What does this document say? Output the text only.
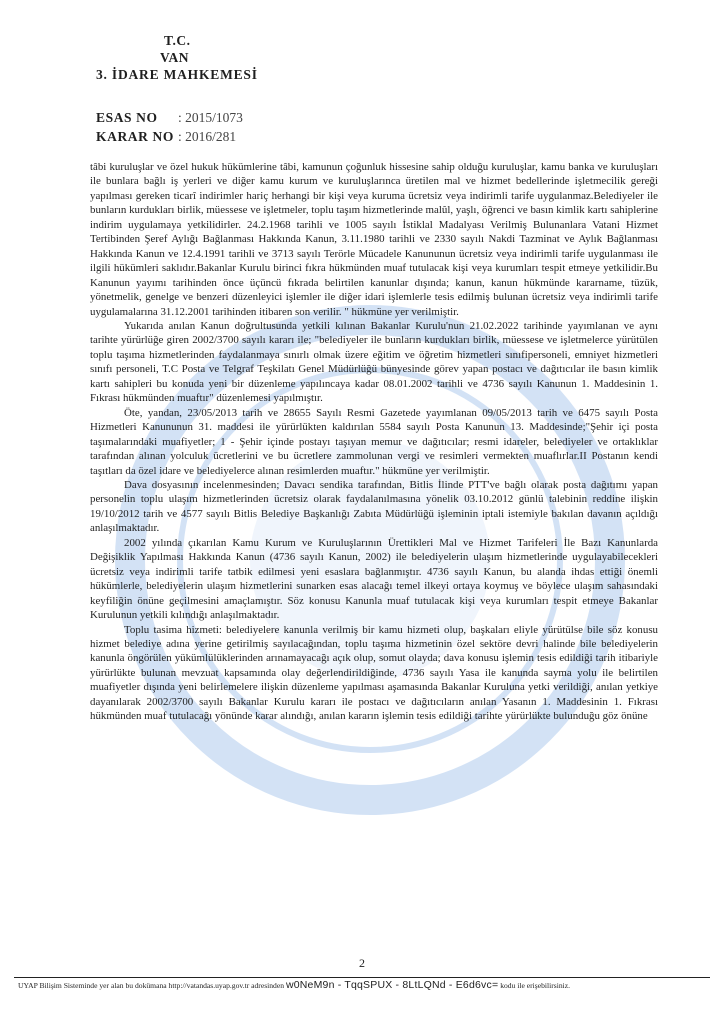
T.C.
VAN
3. İDARE MAHKEMESİ
ESAS NO	: 2015/1073
KARAR NO : 2016/281

tâbi kuruluşlar ve özel hukuk hükümlerine tâbi, kamunun çoğunluk hissesine sahip olduğu kuruluşlar, kamu banka ve kuruluşları ile bunlara bağlı iş yerleri ve diğer kamu kurum ve kuruluşlarınca üretilen mal ve hizmet bedellerinde işletmecilik gereği yapılması gereken ticarî indirimler hariç herhangi bir kişi veya kuruma ücretsiz veya indirimli tarife uygulanmaz.Belediyeler ile bunların kurdukları birlik, müessese ve işletmeler, toplu taşım hizmetlerinde malûl, yaşlı, öğrenci ve basın kimlik kartı sahiplerine indirim uygulamaya yetkilidirler. 24.2.1968 tarihli ve 1005 sayılı İstiklal Madalyası Verilmiş Bulunanlara Vatani Hizmet Tertibinden Şeref Aylığı Bağlanması Hakkında Kanun, 3.11.1980 tarihli ve 2330 sayılı Nakdi Tazminat ve Aylık Bağlanması Hakkında Kanun ve 12.4.1991 tarihli ve 3713 sayılı Terörle Mücadele Kanununun ücretsiz veya indirimli tarife uygulanması ile ilgili hükümleri saklıdır.Bakanlar Kurulu birinci fıkra hükmünden muaf tutulacak kişi veya kurumları tespit etmeye yetkilidir.Bu Kanunun yayımı tarihinden önce üçüncü fıkrada belirtilen kanunlar dışında; kanun, kanun hükmünde kararname, tüzük, yönetmelik, genelge ve benzeri düzenleyici işlemler ile diğer idari işlemlerle tesis edilmiş bulunan ücretsiz veya indirimli tarife uygulamalarına 31.12.2001 tarihinden itibaren son verilir. " hükmüne yer verilmiştir.

Yukarıda anılan Kanun doğrultusunda yetkili kılınan Bakanlar Kurulu'nun 21.02.2022 tarihinde yayımlanan ve aynı tarihte yürürlüğe giren 2002/3700 sayılı kararı ile; "belediyeler ile bunların kurdukları birlik, müessese ve işletmelerce yürütülen toplu taşıma hizmetlerinden faydalanmaya sınırlı olmak üzere eğitim ve öğretim hizmetleri sınıfipersoneli, emniyet hizmetleri sınıfı personeli, T.C Posta ve Telgraf Teşkilatı Genel Müdürlüğü bünyesinde görev yapan postacı ve dağıtıcılar ile basın kimlik kartı sahipleri bu konuda yeni bir düzenleme yapılıncaya kadar 08.01.2002 tarihli ve 4736 sayılı Kanunun 1. Maddesinin 1. Fıkrası hükmünden muaftır" düzenlemesi yapılmıştır.

Öte, yandan, 23/05/2013 tarih ve 28655 Sayılı Resmi Gazetede yayımlanan 09/05/2013 tarih ve 6475 sayılı Posta Hizmetleri Kanununun 31. maddesi ile yürürlükten kaldırılan 5584 sayılı Posta Kanunun 13. Maddesinde;"Şehir içi posta taşımalarındaki muafiyetler; 1 - Şehir içinde postayı taşıyan memur ve dağıtıcılar; resmi idareler, belediyeler ve ortaklıklar tarafından alınan yolculuk ücretlerini ve bu ücretlere zammolunan vergi ve resimleri vermekten muaflırlar.II Postanın kendi taşıtları da özel idare ve belediyelerce alınan resimlerden muaftır." hükmüne yer verilmiştir.

Dava dosyasının incelenmesinden; Davacı sendika tarafından, Bitlis İlinde PTT've bağlı olarak posta dağıtımı yapan personelin toplu ulaşım hizmetlerinden ücretsiz olarak faydalanılmasına yönelik 03.10.2012 günlü talebinin reddine ilişkin 19/10/2012 tarih ve 4577 sayılı Bitlis Belediye Başkanlığı Zabıta Müdürlüğü işleminin iptali istemiyle bakılan davanın açıldığı anlaşılmaktadır.

2002 yılında çıkarılan Kamu Kurum ve Kuruluşlarının Ürettikleri Mal ve Hizmet Tarifeleri İle Bazı Kanunlarda Değişiklik Yapılması Hakkında Kanun (4736 sayılı Kanun, 2002) ile belediyelerin ulaşım hizmetlerinde uygulayabilecekleri ücretsiz veya indirimli tarife tatbik edilmesi yeni esaslara bağlanmıştır. 4736 sayılı Kanun, bu alanda ihdas ettiği önemli hükümlerle, belediyelerin ulaşım hizmetlerini sunarken esas alacağı temel ilkeyi ortaya koymuş ve böylece ulaşım sahasındaki keyfiliğin önüne geçilmesini amaçlamıştır. Söz konusu Kanunla muaf tutulacak kişi veya kurumları tespit etmeye Bakanlar Kurulunun yetkili kılındığı anlaşılmaktadır.

Toplu tasima hizmeti: belediyelere kanunla verilmiş bir kamu hizmeti olup, başkaları eliyle yürütülse bile söz konusu hizmet belediye adına yerine getirilmiş sayılacağından, toplu taşıma hizmetinin özel sektöre devri halinde bile belediyelerin kanunla öngörülen yükümlülüklerinden arınamayacağı açık olup, somut olayda; dava konusu işlemin tesis edildiği tarih itibariyle yürürlükte bulunan mevzuat kapsamında olay değerlendirildiğinde, 4736 sayılı Yasa ile kanunda sayma yolu ile belirtilen muafiyetler dışında yeni belirlemelere ilişkin düzenleme yapılması aşamasında Bakanlar Kuruluna yetki verildiği, anılan yetkiye dayanılarak 2002/3700 sayılı Bakanlar Kurulu kararı ile postacı ve dağıtıcıların anılan Yasanın 1. Maddesinin 1. Fıkrası hükmünden muaf tutulacağı yönünde karar alındığı, anılan kararın işlemin tesis edildiği tarihte yürürlükte bulunduğu göz önüne

2
UYAP Bilişim Sisteminde yer alan bu dokümana http://vatandas.uyap.gov.tr adresinden w0NeM9n - TqqSPUX - 8LtLQNd - E6d6vc= kodu ile erişebilirsiniz.
